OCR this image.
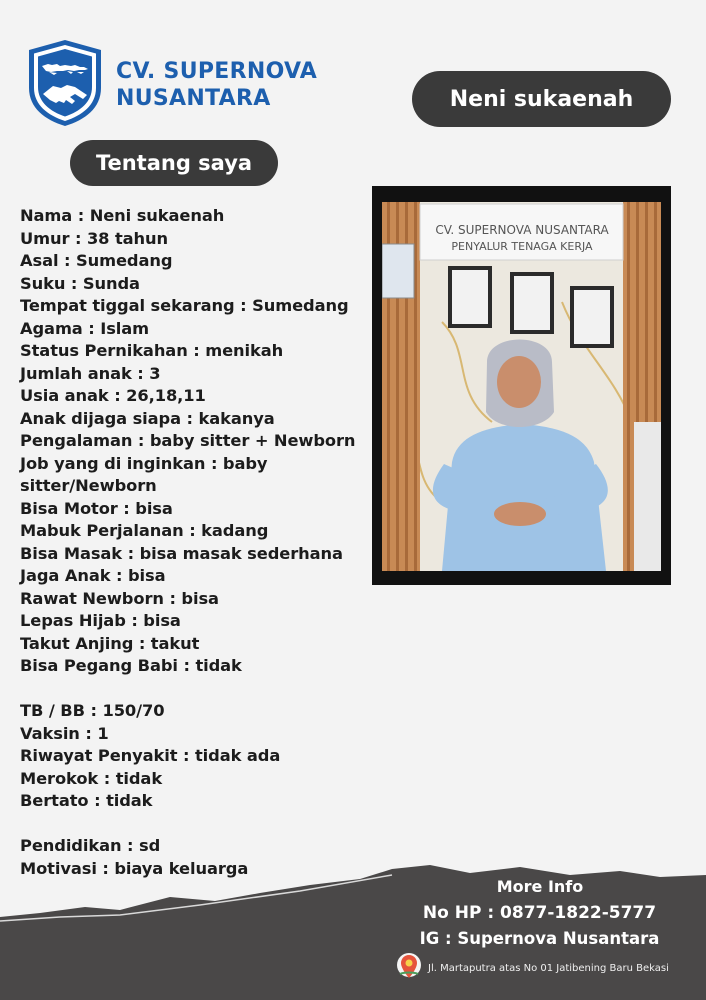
CV. SUPERNOVA
NUSANTARA	Neni sukaenah
Tentang saya
Nama : Neni sukaenah
Umur : 38 tahun
Asal : Sumedang
Suku : Sunda
Tempat tiggal sekarang : Sumedang
Agama : Islam
Status Pernikahan : menikah
Jumlah anak : 3
Usia anak : 26,18,11
Anak dijaga siapa : kakanya
Pengalaman : baby sitter + Newborn
Job yang di inginkan : baby sitter/Newborn
Bisa Motor : bisa
Mabuk Perjalanan : kadang
Bisa Masak : bisa masak sederhana
Jaga Anak : bisa
Rawat Newborn : bisa
Lepas Hijab : bisa
Takut Anjing : takut
Bisa Pegang Babi : tidak
TB / BB : 150/70
Vaksin : 1
Riwayat Penyakit : tidak ada
Merokok : tidak
Bertato : tidak
Pendidikan : sd
Motivasi : biaya keluarga
CV. SUPERNOVA NUSANTARA
PENYALUR TENAGA KERJA
More Info
No HP : 0877-1822-5777
IG : Supernova Nusantara
Jl. Martaputra atas No 01 Jatibening Baru Bekasi
